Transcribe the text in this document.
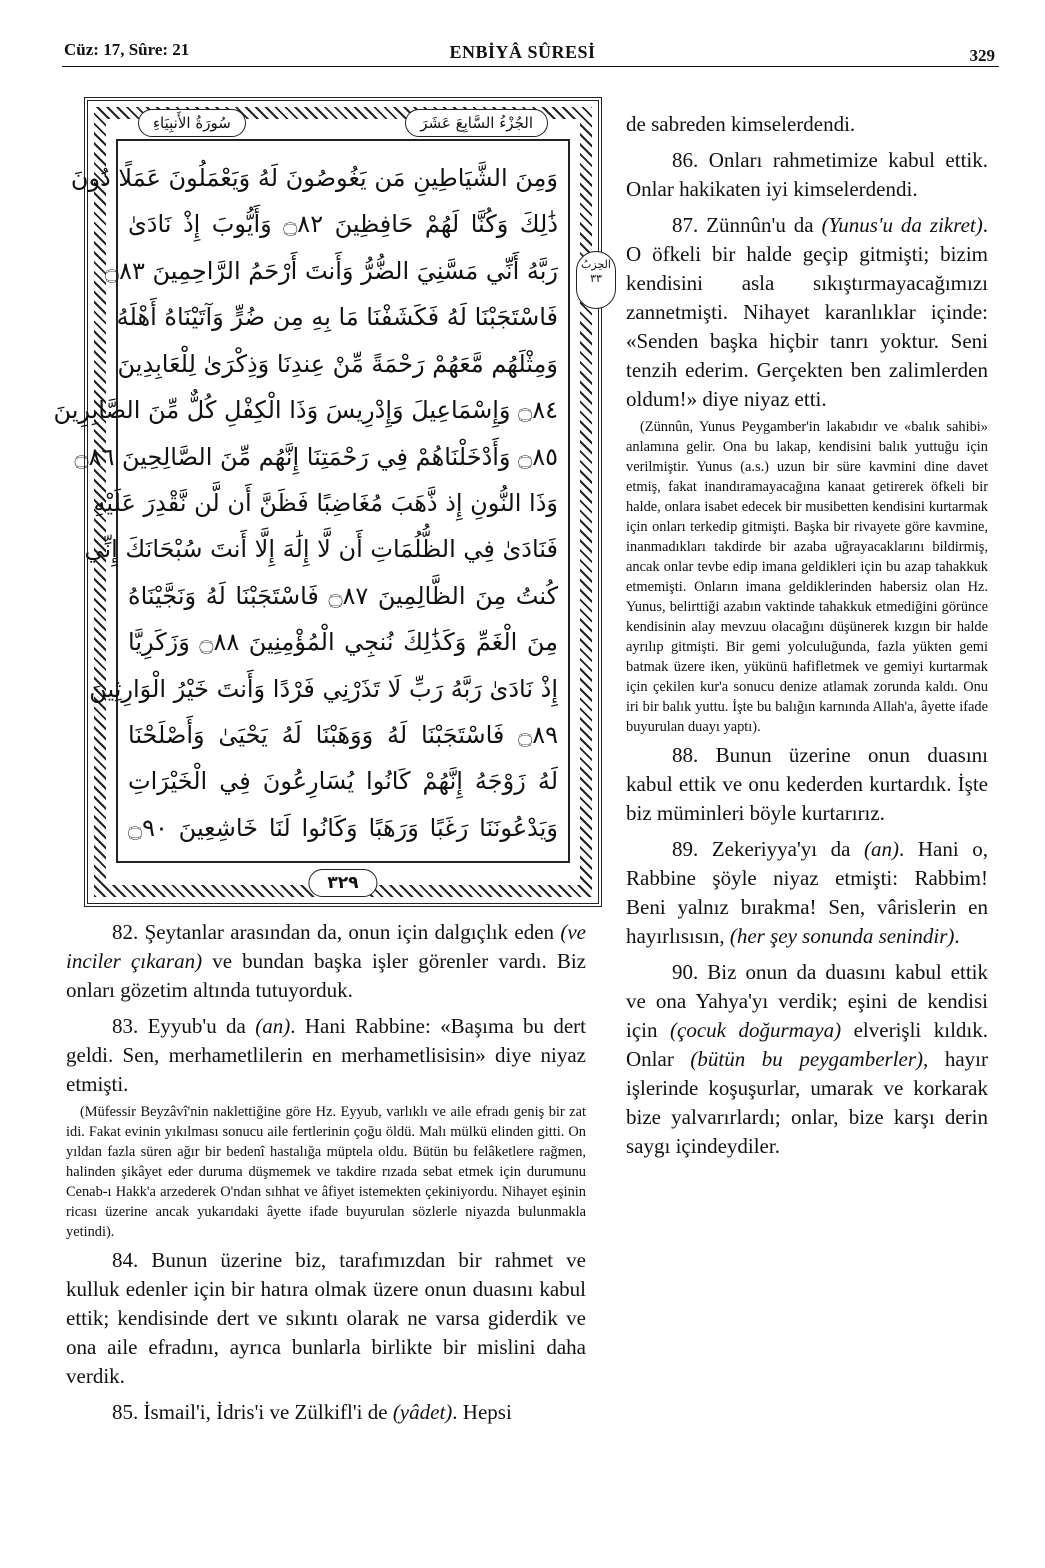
Cüz: 17, Sûre: 21	ENBİYÂ SÛRESİ	329
سُورَةُ الأَنبِيَاءِ	الجُزْءُ السَّابِعَ عَشَرَ
الحِزبُ
٣٣
وَمِنَ الشَّيَاطِينِ مَن يَغُوصُونَ لَهُ وَيَعْمَلُونَ عَمَلًا دُونَ
ذَٰلِكَ وَكُنَّا لَهُمْ حَافِظِينَ ۝٨٢ وَأَيُّوبَ إِذْ نَادَىٰ
رَبَّهُ أَنِّي مَسَّنِيَ الضُّرُّ وَأَنتَ أَرْحَمُ الرَّاحِمِينَ ۝٨٣
فَاسْتَجَبْنَا لَهُ فَكَشَفْنَا مَا بِهِ مِن ضُرٍّ وَآتَيْنَاهُ أَهْلَهُ
وَمِثْلَهُم مَّعَهُمْ رَحْمَةً مِّنْ عِندِنَا وَذِكْرَىٰ لِلْعَابِدِينَ
۝٨٤ وَإِسْمَاعِيلَ وَإِدْرِيسَ وَذَا الْكِفْلِ كُلٌّ مِّنَ الصَّابِرِينَ
۝٨٥ وَأَدْخَلْنَاهُمْ فِي رَحْمَتِنَا إِنَّهُم مِّنَ الصَّالِحِينَ ۝٨٦
وَذَا النُّونِ إِذ ذَّهَبَ مُغَاضِبًا فَظَنَّ أَن لَّن نَّقْدِرَ عَلَيْهِ
فَنَادَىٰ فِي الظُّلُمَاتِ أَن لَّا إِلَٰهَ إِلَّا أَنتَ سُبْحَانَكَ إِنِّي
كُنتُ مِنَ الظَّالِمِينَ ۝٨٧ فَاسْتَجَبْنَا لَهُ وَنَجَّيْنَاهُ
مِنَ الْغَمِّ وَكَذَٰلِكَ نُنجِي الْمُؤْمِنِينَ ۝٨٨ وَزَكَرِيَّا
إِذْ نَادَىٰ رَبَّهُ رَبِّ لَا تَذَرْنِي فَرْدًا وَأَنتَ خَيْرُ الْوَارِثِينَ
۝٨٩ فَاسْتَجَبْنَا لَهُ وَوَهَبْنَا لَهُ يَحْيَىٰ وَأَصْلَحْنَا
لَهُ زَوْجَهُ إِنَّهُمْ كَانُوا يُسَارِعُونَ فِي الْخَيْرَاتِ
وَيَدْعُونَنَا رَغَبًا وَرَهَبًا وَكَانُوا لَنَا خَاشِعِينَ ۝٩٠
٣٢٩

82. Şeytanlar arasından da, onun için dalgıçlık eden (ve inciler çıkaran) ve bundan başka işler görenler vardı. Biz onları gözetim altında tutuyorduk.

83. Eyyub'u da (an). Hani Rabbine: «Başıma bu dert geldi. Sen, merhametlilerin en merhametlisisin» diye niyaz etmişti.

(Müfessir Beyzâvî'nin naklettiğine göre Hz. Eyyub, varlıklı ve aile efradı geniş bir zat idi. Fakat evinin yıkılması sonucu aile fertlerinin çoğu öldü. Malı mülkü elinden gitti. On yıldan fazla süren ağır bir bedenî hastalığa müptela oldu. Bütün bu felâketlere rağmen, halinden şikâyet eder duruma düşmemek ve takdire rızada sebat etmek için durumunu Cenab-ı Hakk'a arzederek O'ndan sıhhat ve âfiyet istemekten çekiniyordu. Nihayet eşinin ricası üzerine ancak yukarıdaki âyette ifade buyurulan sözlerle niyazda bulunmakla yetindi).

84. Bunun üzerine biz, tarafımızdan bir rahmet ve kulluk edenler için bir hatıra olmak üzere onun duasını kabul ettik; kendisinde dert ve sıkıntı olarak ne varsa giderdik ve ona aile efradını, ayrıca bunlarla birlikte bir mislini daha verdik.

85. İsmail'i, İdris'i ve Zülkifl'i de (yâdet). Hepsi

de sabreden kimselerdendi.

86. Onları rahmetimize kabul ettik. Onlar hakikaten iyi kimselerdendi.

87. Zünnûn'u da (Yunus'u da zikret). O öfkeli bir halde geçip gitmişti; bizim kendisini asla sıkıştırmayacağımızı zannetmişti. Nihayet karanlıklar içinde: «Senden başka hiçbir tanrı yoktur. Seni tenzih ederim. Gerçekten ben zalimlerden oldum!» diye niyaz etti.

(Zünnûn, Yunus Peygamber'in lakabıdır ve «balık sahibi» anlamına gelir. Ona bu lakap, kendisini balık yuttuğu için verilmiştir. Yunus (a.s.) uzun bir süre kavmini dine davet etmiş, fakat inandıramayacağına kanaat getirerek öfkeli bir halde, onlara isabet edecek bir musibetten kendisini kurtarmak için onları terkedip gitmişti. Başka bir rivayete göre kavmine, inanmadıkları takdirde bir azaba uğrayacaklarını bildirmiş, ancak onlar tevbe edip imana geldikleri için bu azap tahakkuk etmemişti. Onların imana geldiklerinden habersiz olan Hz. Yunus, belirttiği azabın vaktinde tahakkuk etmediğini görünce kendisinin alay mevzuu olacağını düşünerek kızgın bir halde ayrılıp gitmişti. Bir gemi yolculuğunda, fazla yükten gemi batmak üzere iken, yükünü hafifletmek ve gemiyi kurtarmak için çekilen kur'a sonucu denize atlamak zorunda kaldı. Onu iri bir balık yuttu. İşte bu balığın karnında Allah'a, âyette ifade buyurulan duayı yaptı).

88. Bunun üzerine onun duasını kabul ettik ve onu kederden kurtardık. İşte biz müminleri böyle kurtarırız.

89. Zekeriyya'yı da (an). Hani o, Rabbine şöyle niyaz etmişti: Rabbim! Beni yalnız bırakma! Sen, vârislerin en hayırlısısın, (her şey sonunda senindir).

90. Biz onun da duasını kabul ettik ve ona Yahya'yı verdik; eşini de kendisi için (çocuk doğurmaya) elverişli kıldık. Onlar (bütün bu peygamberler), hayır işlerinde koşuşurlar, umarak ve korkarak bize yalvarırlardı; onlar, bize karşı derin saygı içindeydiler.
